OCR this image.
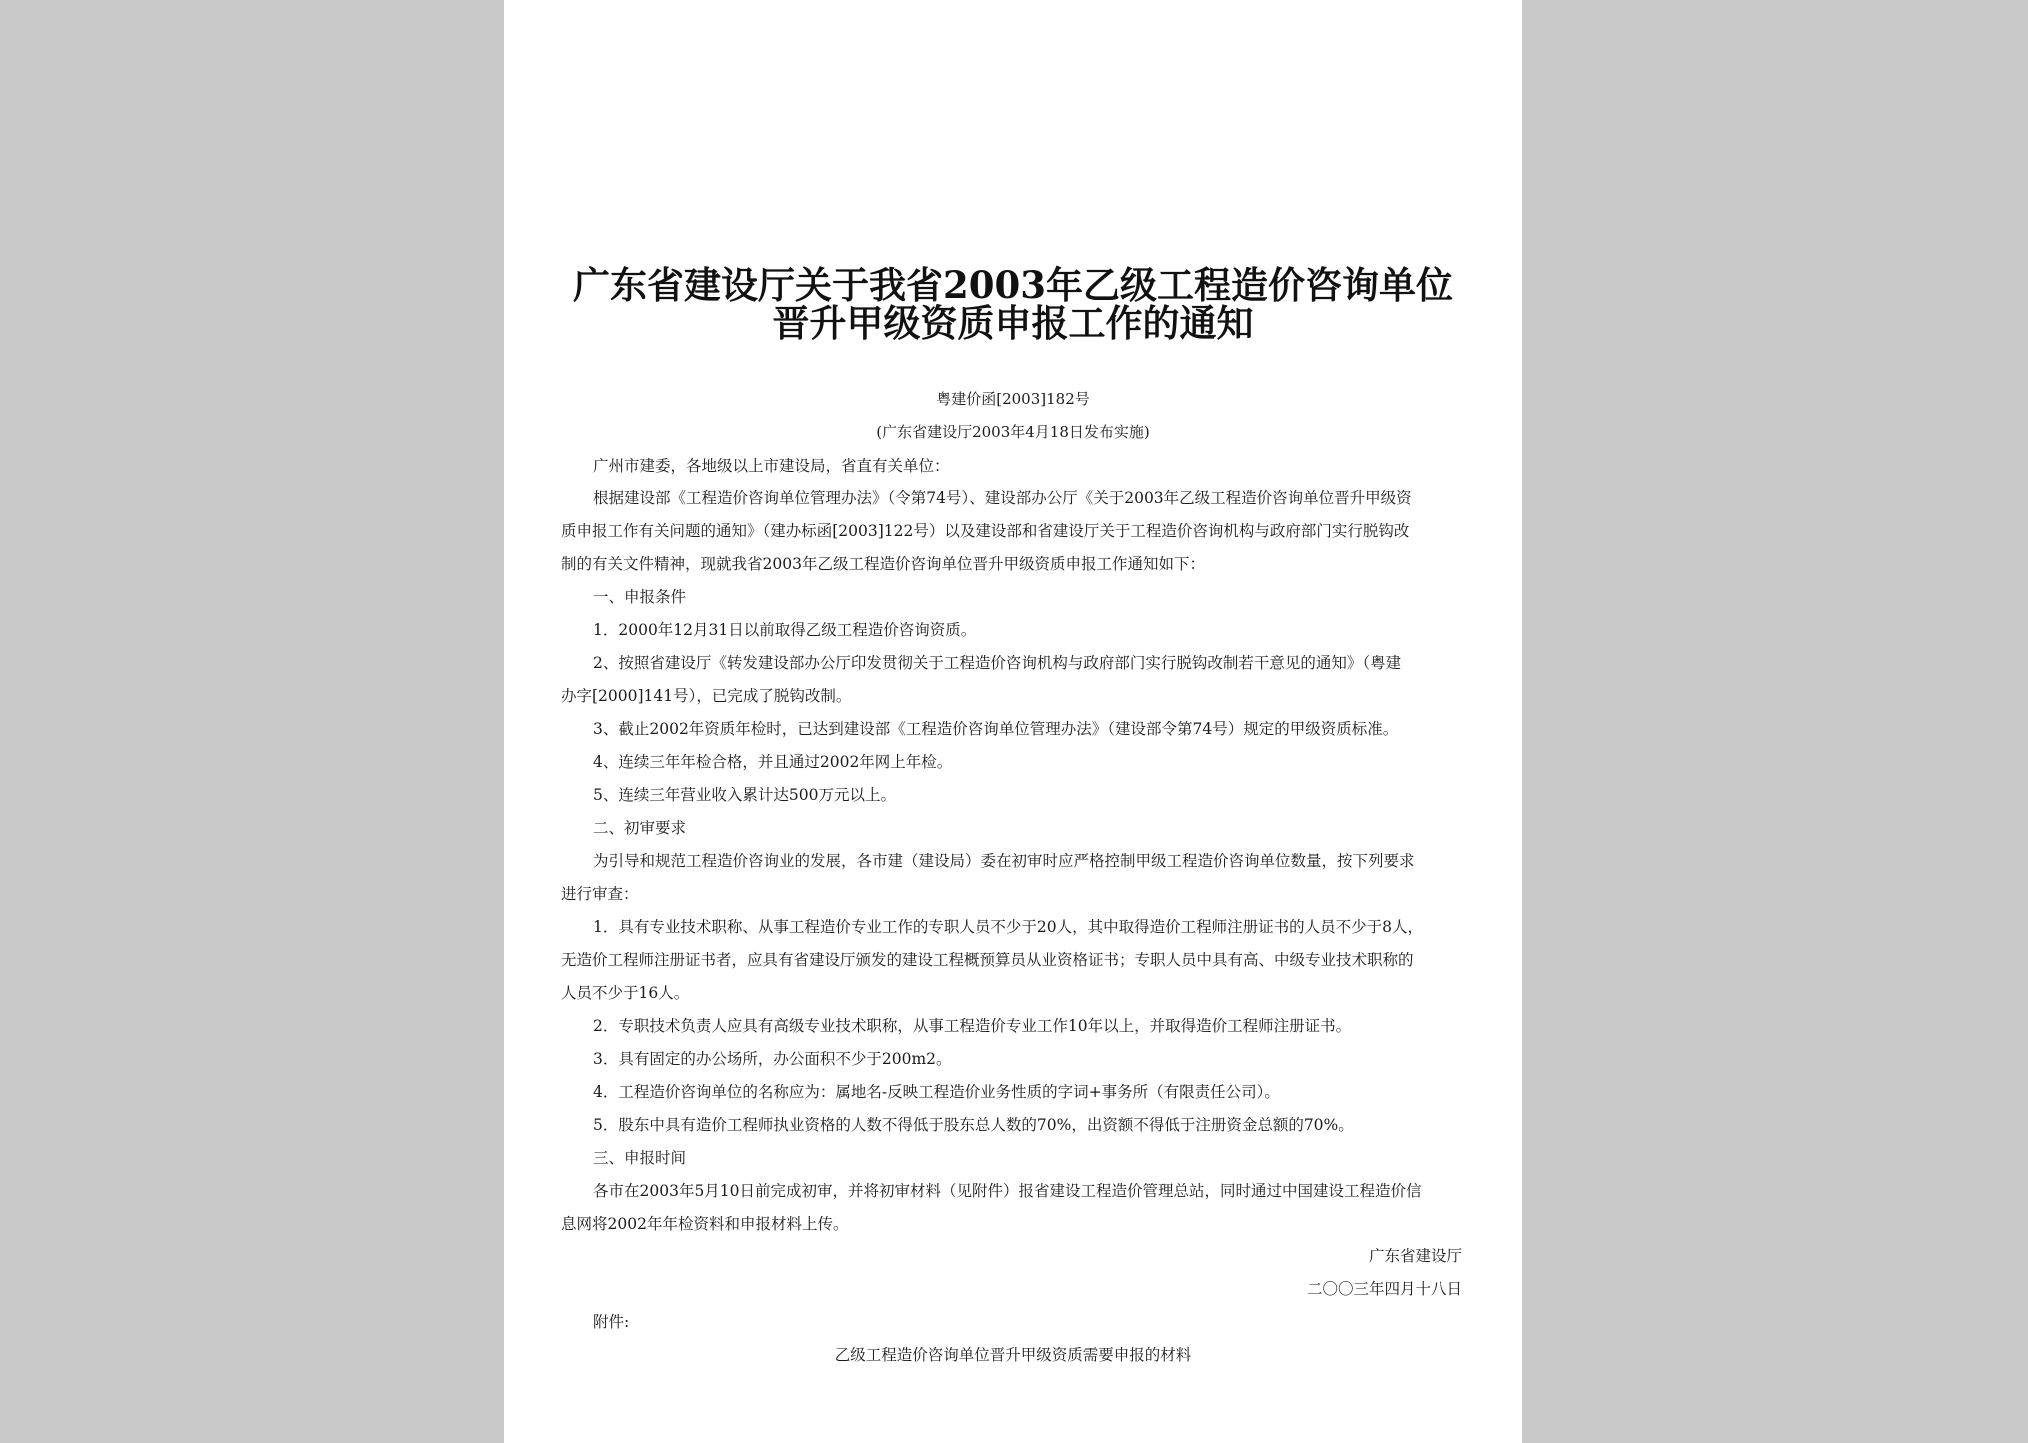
广东省建设厅关于我省2003年乙级工程造价咨询单位
晋升甲级资质申报工作的通知
粤建价函[2003]182号
(广东省建设厅2003年4月18日发布实施)
广州市建委，各地级以上市建设局，省直有关单位：
根据建设部《工程造价咨询单位管理办法》（令第74号）、建设部办公厅《关于2003年乙级工程造价咨询单位晋升甲级资
质申报工作有关问题的通知》（建办标函[2003]122号）以及建设部和省建设厅关于工程造价咨询机构与政府部门实行脱钩改
制的有关文件精神，现就我省2003年乙级工程造价咨询单位晋升甲级资质申报工作通知如下：
一、申报条件
1．2000年12月31日以前取得乙级工程造价咨询资质。
2、按照省建设厅《转发建设部办公厅印发贯彻关于工程造价咨询机构与政府部门实行脱钩改制若干意见的通知》（粤建
办字[2000]141号），已完成了脱钩改制。
3、截止2002年资质年检时，已达到建设部《工程造价咨询单位管理办法》（建设部令第74号）规定的甲级资质标准。
4、连续三年年检合格，并且通过2002年网上年检。
5、连续三年营业收入累计达500万元以上。
二、初审要求
为引导和规范工程造价咨询业的发展，各市建（建设局）委在初审时应严格控制甲级工程造价咨询单位数量，按下列要求
进行审查：
1．具有专业技术职称、从事工程造价专业工作的专职人员不少于20人，其中取得造价工程师注册证书的人员不少于8人，
无造价工程师注册证书者，应具有省建设厅颁发的建设工程概预算员从业资格证书；专职人员中具有高、中级专业技术职称的
人员不少于16人。
2．专职技术负责人应具有高级专业技术职称，从事工程造价专业工作10年以上，并取得造价工程师注册证书。
3．具有固定的办公场所，办公面积不少于200m2。
4．工程造价咨询单位的名称应为：属地名-反映工程造价业务性质的字词+事务所（有限责任公司）。
5．股东中具有造价工程师执业资格的人数不得低于股东总人数的70%，出资额不得低于注册资金总额的70%。
三、申报时间
各市在2003年5月10日前完成初审，并将初审材料（见附件）报省建设工程造价管理总站，同时通过中国建设工程造价信
息网将2002年年检资料和申报材料上传。
广东省建设厅
二〇〇三年四月十八日
附件:
乙级工程造价咨询单位晋升甲级资质需要申报的材料
